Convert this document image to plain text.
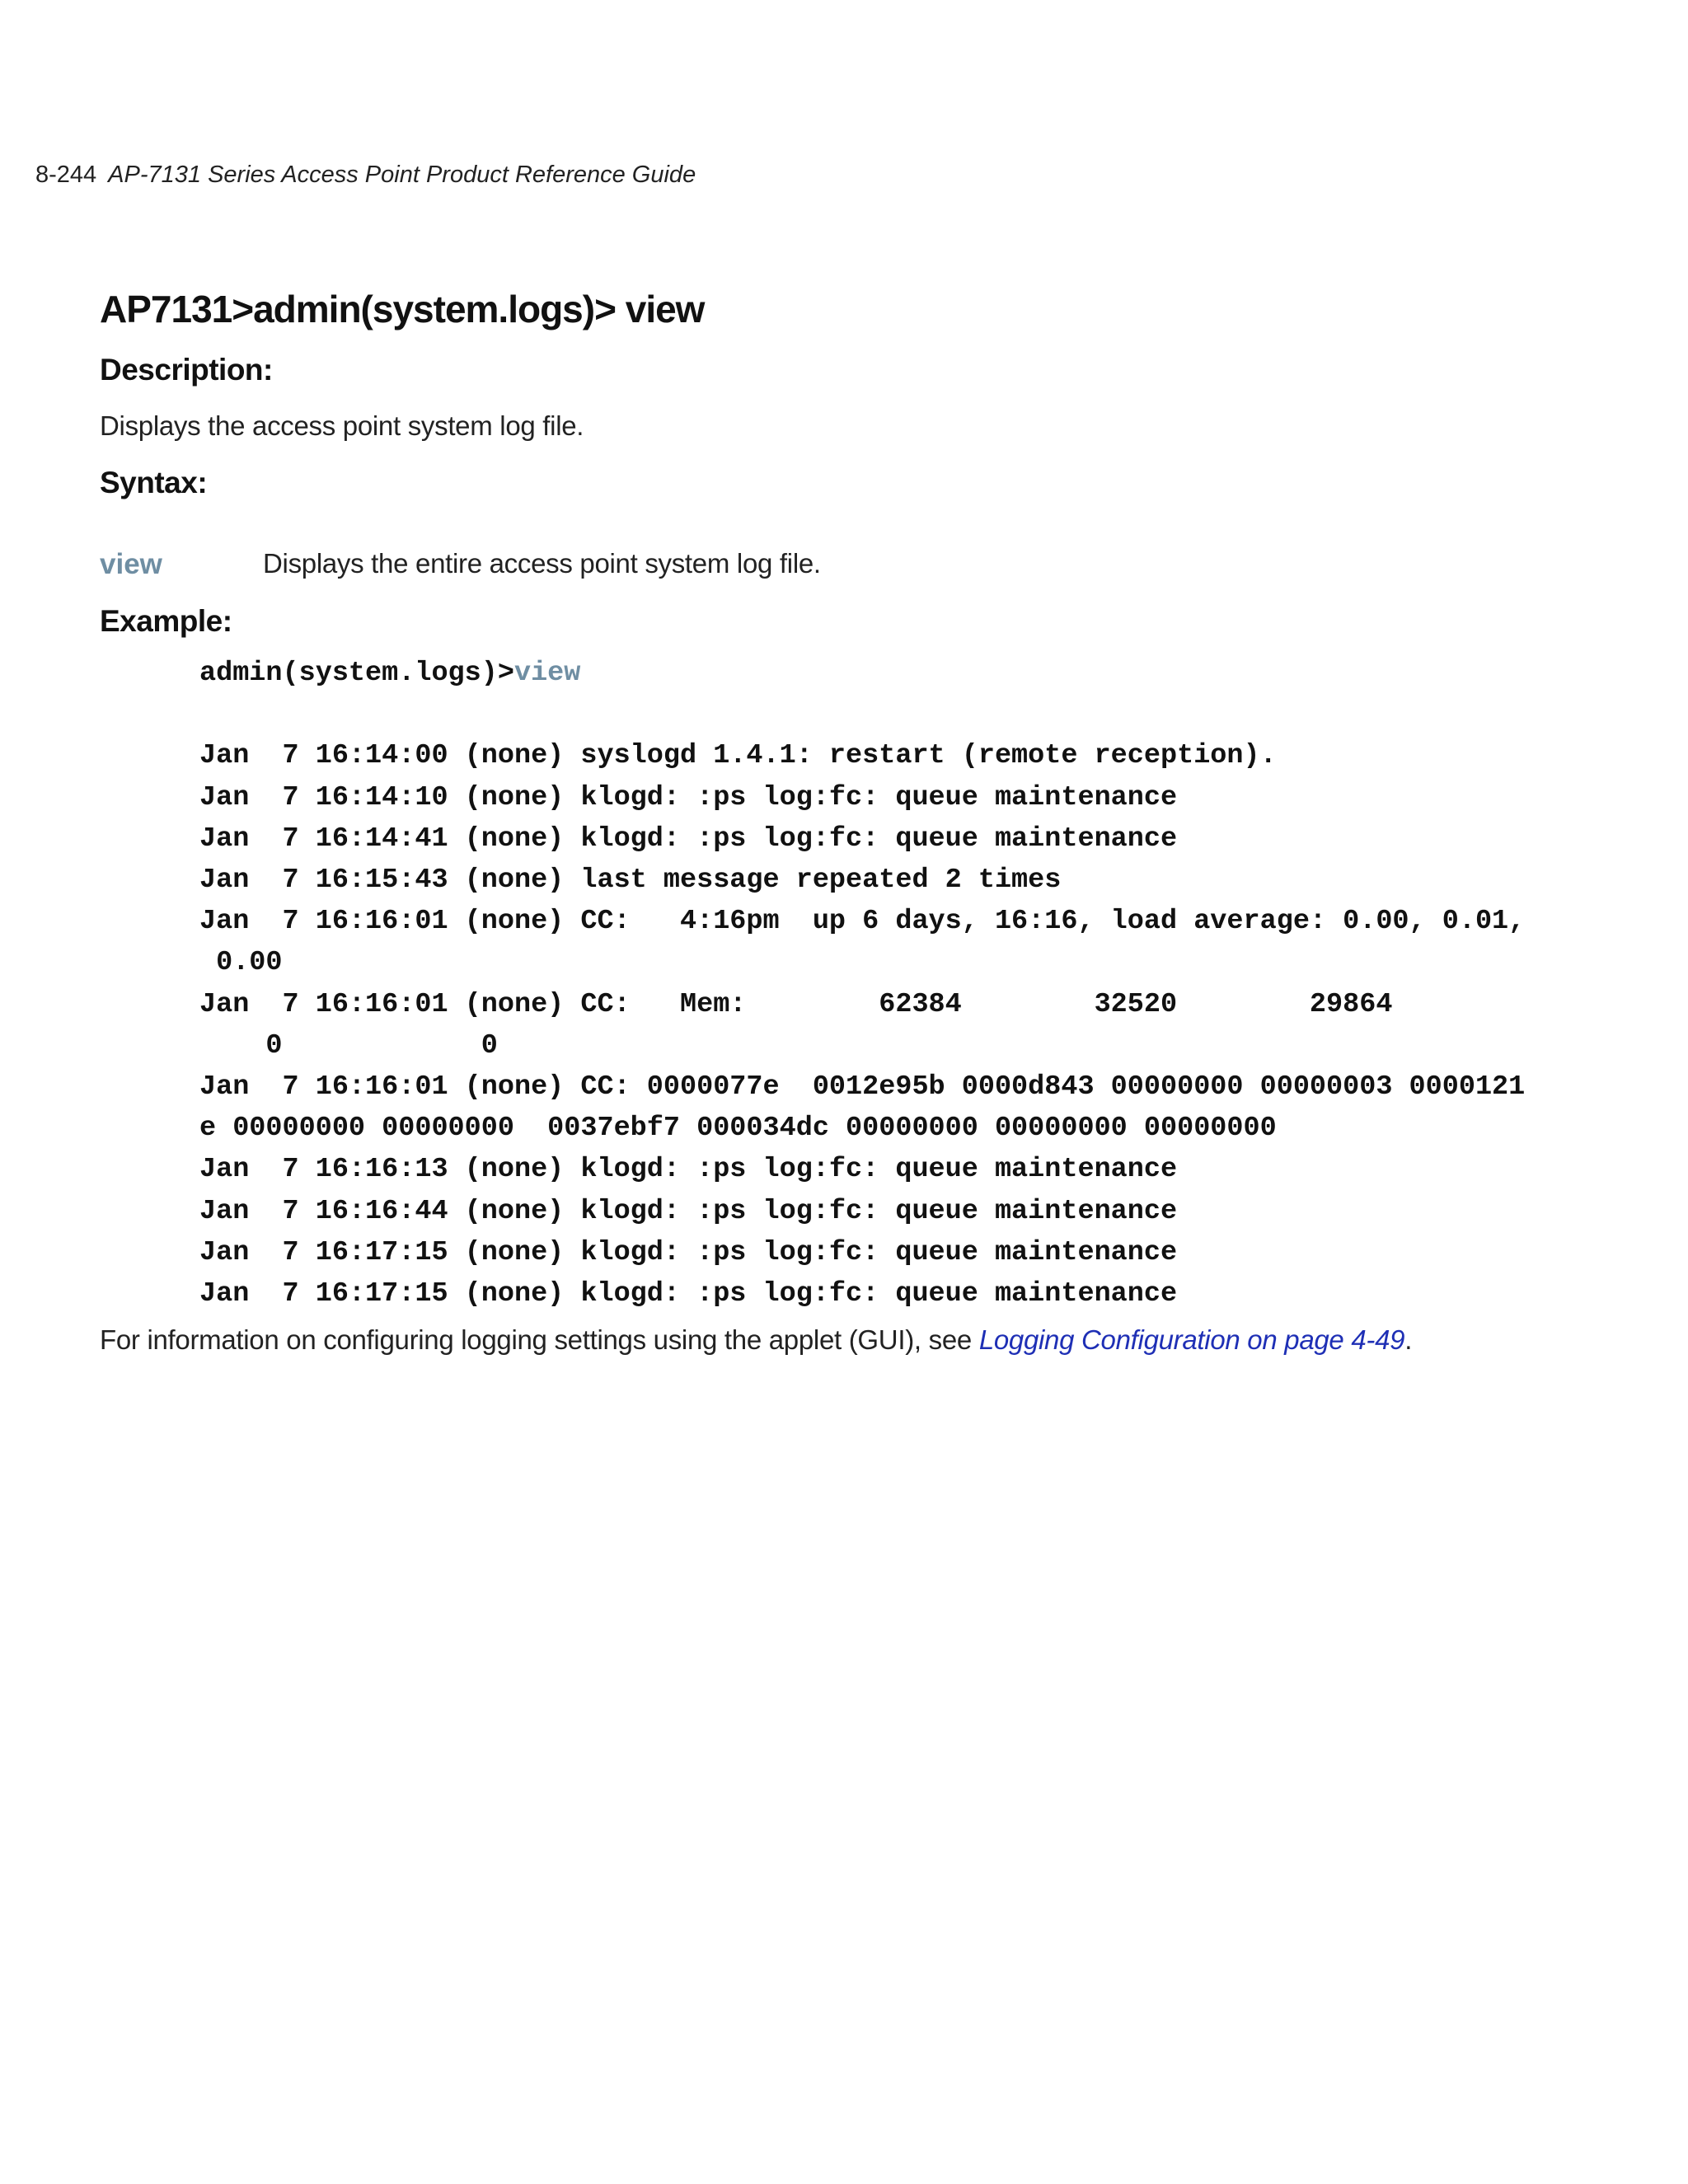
8-244 AP-7131 Series Access Point Product Reference Guide
AP7131>admin(system.logs)> view
Description:
Displays the access point system log file.
Syntax:
view	Displays the entire access point system log file.
Example:
admin(system.logs)>view

Jan  7 16:14:00 (none) syslogd 1.4.1: restart (remote reception).
Jan  7 16:14:10 (none) klogd: :ps log:fc: queue maintenance
Jan  7 16:14:41 (none) klogd: :ps log:fc: queue maintenance
Jan  7 16:15:43 (none) last message repeated 2 times
Jan  7 16:16:01 (none) CC:   4:16pm  up 6 days, 16:16, load average: 0.00, 0.01,
0.00
Jan  7 16:16:01 (none) CC:   Mem:        62384        32520        29864
0            0
Jan  7 16:16:01 (none) CC: 0000077e  0012e95b 0000d843 00000000 00000003 0000121
e 00000000 00000000  0037ebf7 000034dc 00000000 00000000 00000000
Jan  7 16:16:13 (none) klogd: :ps log:fc: queue maintenance
Jan  7 16:16:44 (none) klogd: :ps log:fc: queue maintenance
Jan  7 16:17:15 (none) klogd: :ps log:fc: queue maintenance
Jan  7 16:17:15 (none) klogd: :ps log:fc: queue maintenance
For information on configuring logging settings using the applet (GUI), see Logging Configuration on page 4-49.
